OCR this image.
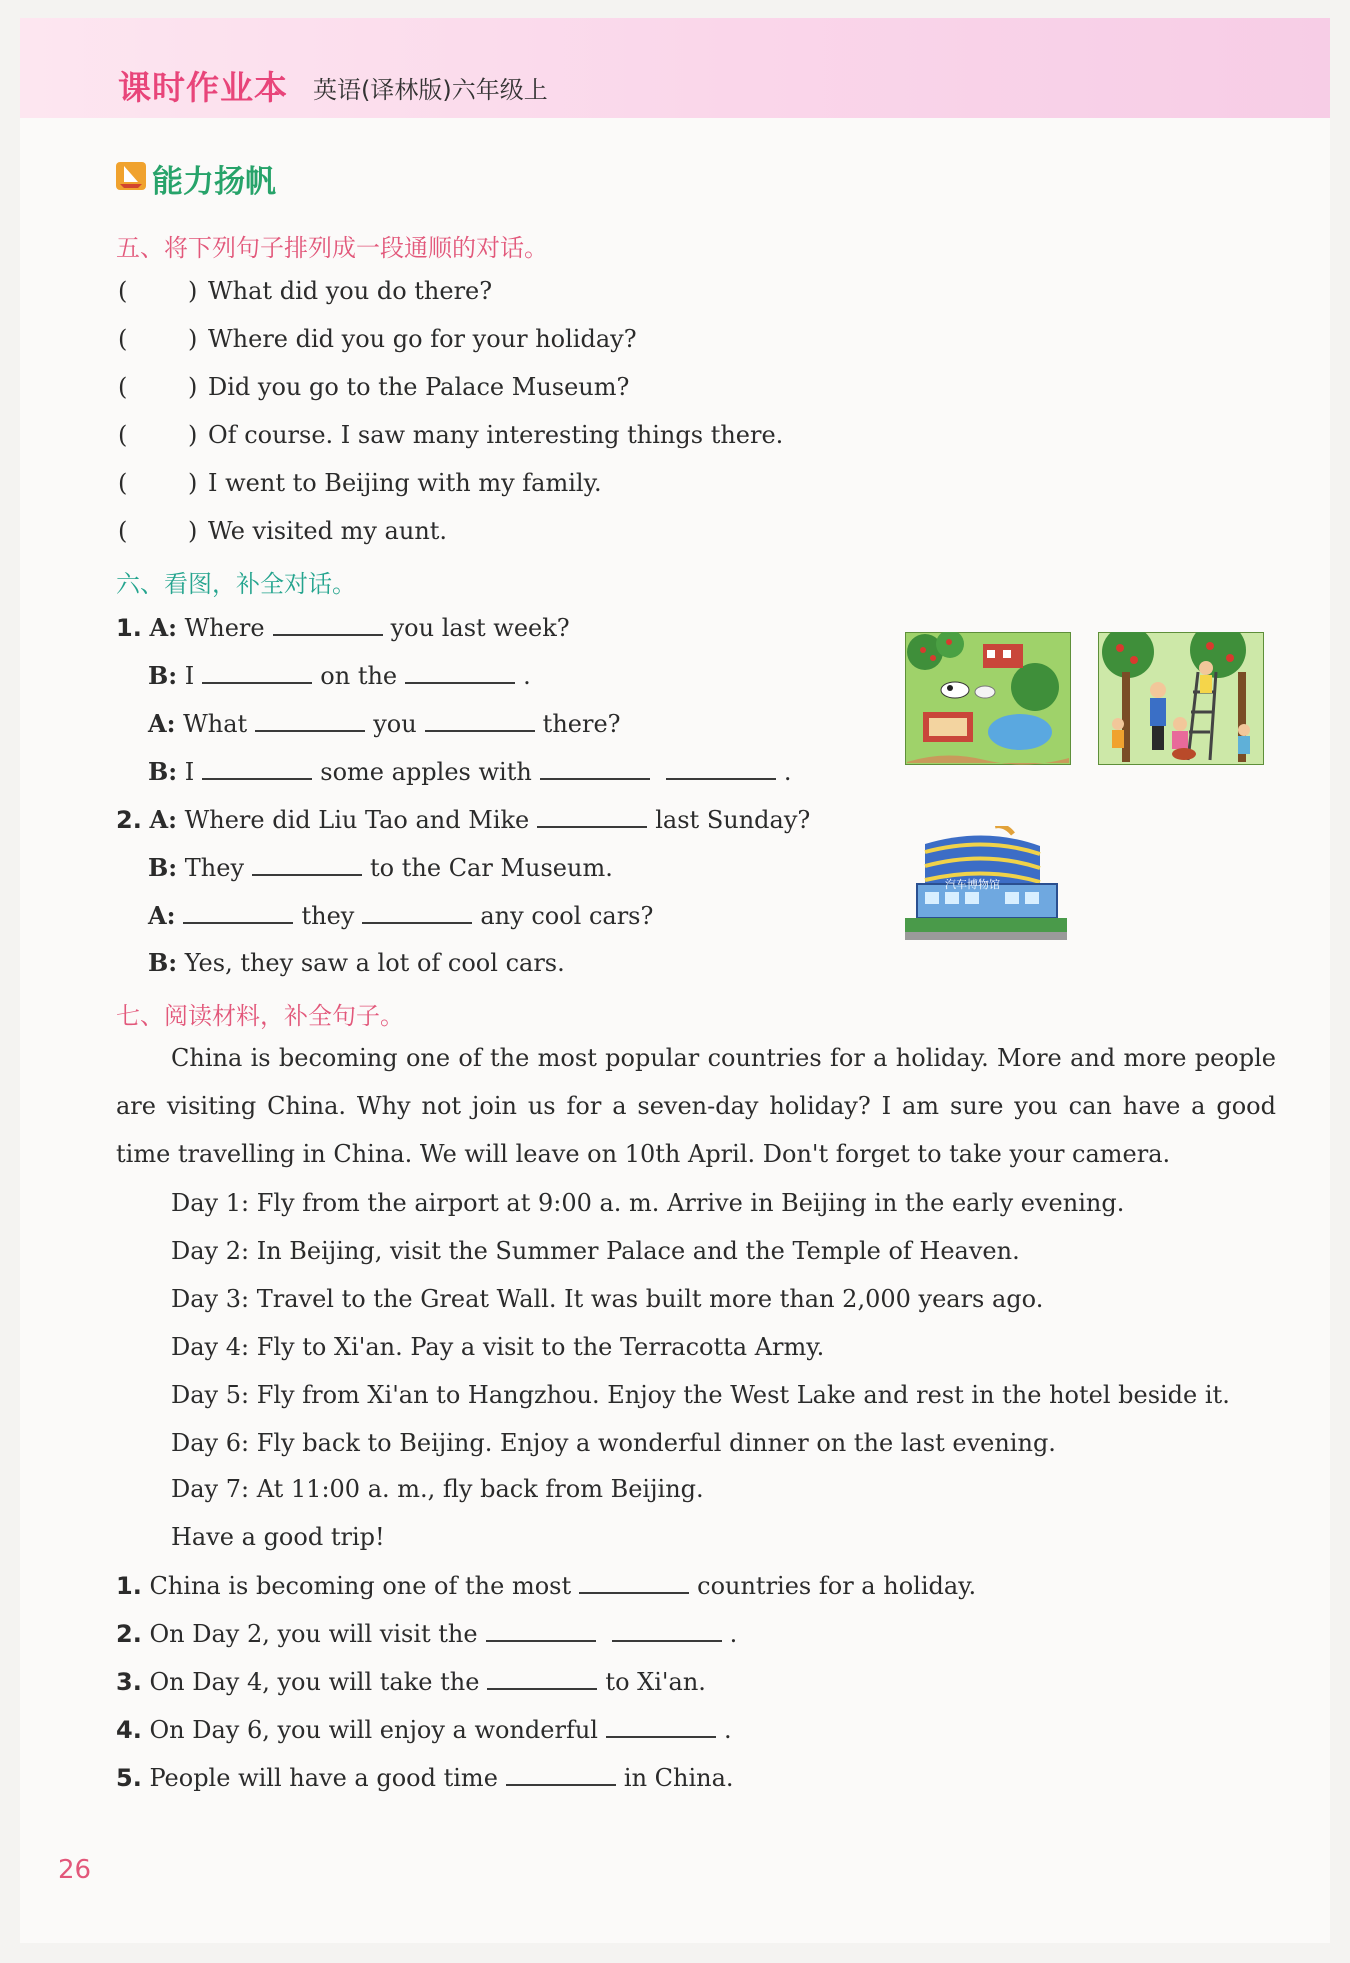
课时作业本 英语(译林版)六年级上
能力扬帆
五、将下列句子排列成一段通顺的对话。
(	) What did you do there?
(	) Where did you go for your holiday?
(	) Did you go to the Palace Museum?
(	) Of course. I saw many interesting things there.
(	) I went to Beijing with my family.
(	) We visited my aunt.
六、看图，补全对话。
1. A: Where	you last week?
B: I	on the	.
A: What	you	there?
B: I	some apples with	.
2. A: Where did Liu Tao and Mike	last Sunday?
B: They	to the Car Museum.
A:	they	any cool cars?
B: Yes, they saw a lot of cool cars.
汽车博物馆
七、阅读材料，补全句子。
China is becoming one of the most popular countries for a holiday. More and more people are visiting China. Why not join us for a seven-day holiday? I am sure you can have a good time travelling in China. We will leave on 10th April. Don't forget to take your camera.
Day 1: Fly from the airport at 9:00 a. m. Arrive in Beijing in the early evening.
Day 2: In Beijing, visit the Summer Palace and the Temple of Heaven.
Day 3: Travel to the Great Wall. It was built more than 2,000 years ago.
Day 4: Fly to Xi'an. Pay a visit to the Terracotta Army.
Day 5: Fly from Xi'an to Hangzhou. Enjoy the West Lake and rest in the hotel beside it.
Day 6: Fly back to Beijing. Enjoy a wonderful dinner on the last evening.
Day 7: At 11:00 a. m., fly back from Beijing.
Have a good trip!
1. China is becoming one of the most	countries for a holiday.
2. On Day 2, you will visit the	.
3. On Day 4, you will take the	to Xi'an.
4. On Day 6, you will enjoy a wonderful	.
5. People will have a good time	in China.
26
